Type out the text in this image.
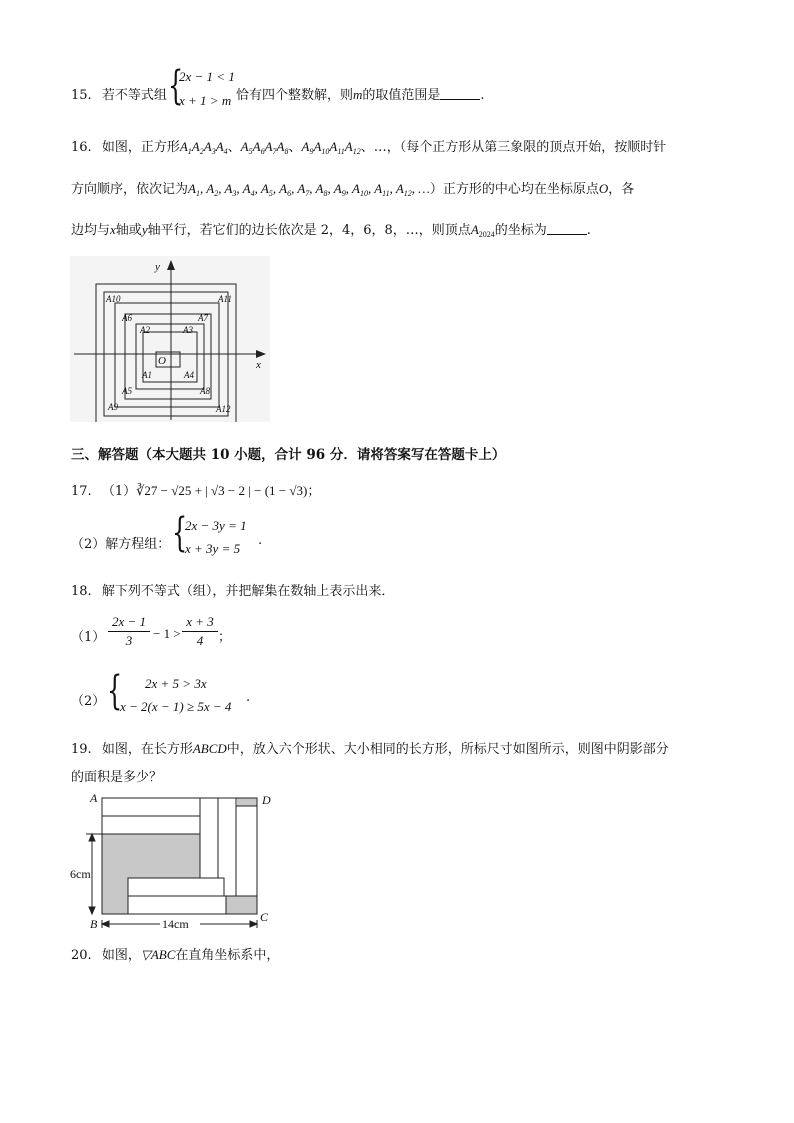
15. 若不等式组 {
2x − 1 < 1
x + 1 > m 恰有四个整数解，则m的取值范围是	.
16. 如图，正方形$A_1A_2A_3A_4$、$A_5A_6A_7A_8$、$A_9A_{10}A_{11}A_{12}$、…，（每个正方形从第三象限的顶点开始，按顺时针
方向顺序，依次记为$A_1$, $A_2$, $A_3$, $A_4$, $A_5$, $A_6$, $A_7$, $A_8$, $A_9$, $A_{10}$, $A_{11}$, $A_{12}$, …）正方形的中心均在坐标原点O，各
边均与x轴或y轴平行，若它们的边长依次是 2，4，6，8，…，则顶点$A_{2024}$的坐标为	.
y
x
O
A10	A11
A6	A7
A2	A3
A1	A4
A5	A8
A9	A12
三、解答题（本大题共 10 小题，合计 96 分．请将答案写在答题卡上）
17. （1）∛27 − √25 + | √3 − 2 | − (1 − √3)；
（2）解方程组： {
2x − 3y = 1
x + 3y = 5
.
18. 解下列不等式（组），并把解集在数轴上表示出来．
（1）
2x − 1
3	− 1 >
x + 3
4	；
（2） { 2x + 5 > 3x
x − 2(x − 1) ≥ 5x − 4
.
19. 如图，在长方形ABCD中，放入六个形状、大小相同的长方形，所标尺寸如图所示，则图中阴影部分
的面积是多少？
A	D
B	C
6cm
14cm
20. 如图，▽ABC在直角坐标系中，
